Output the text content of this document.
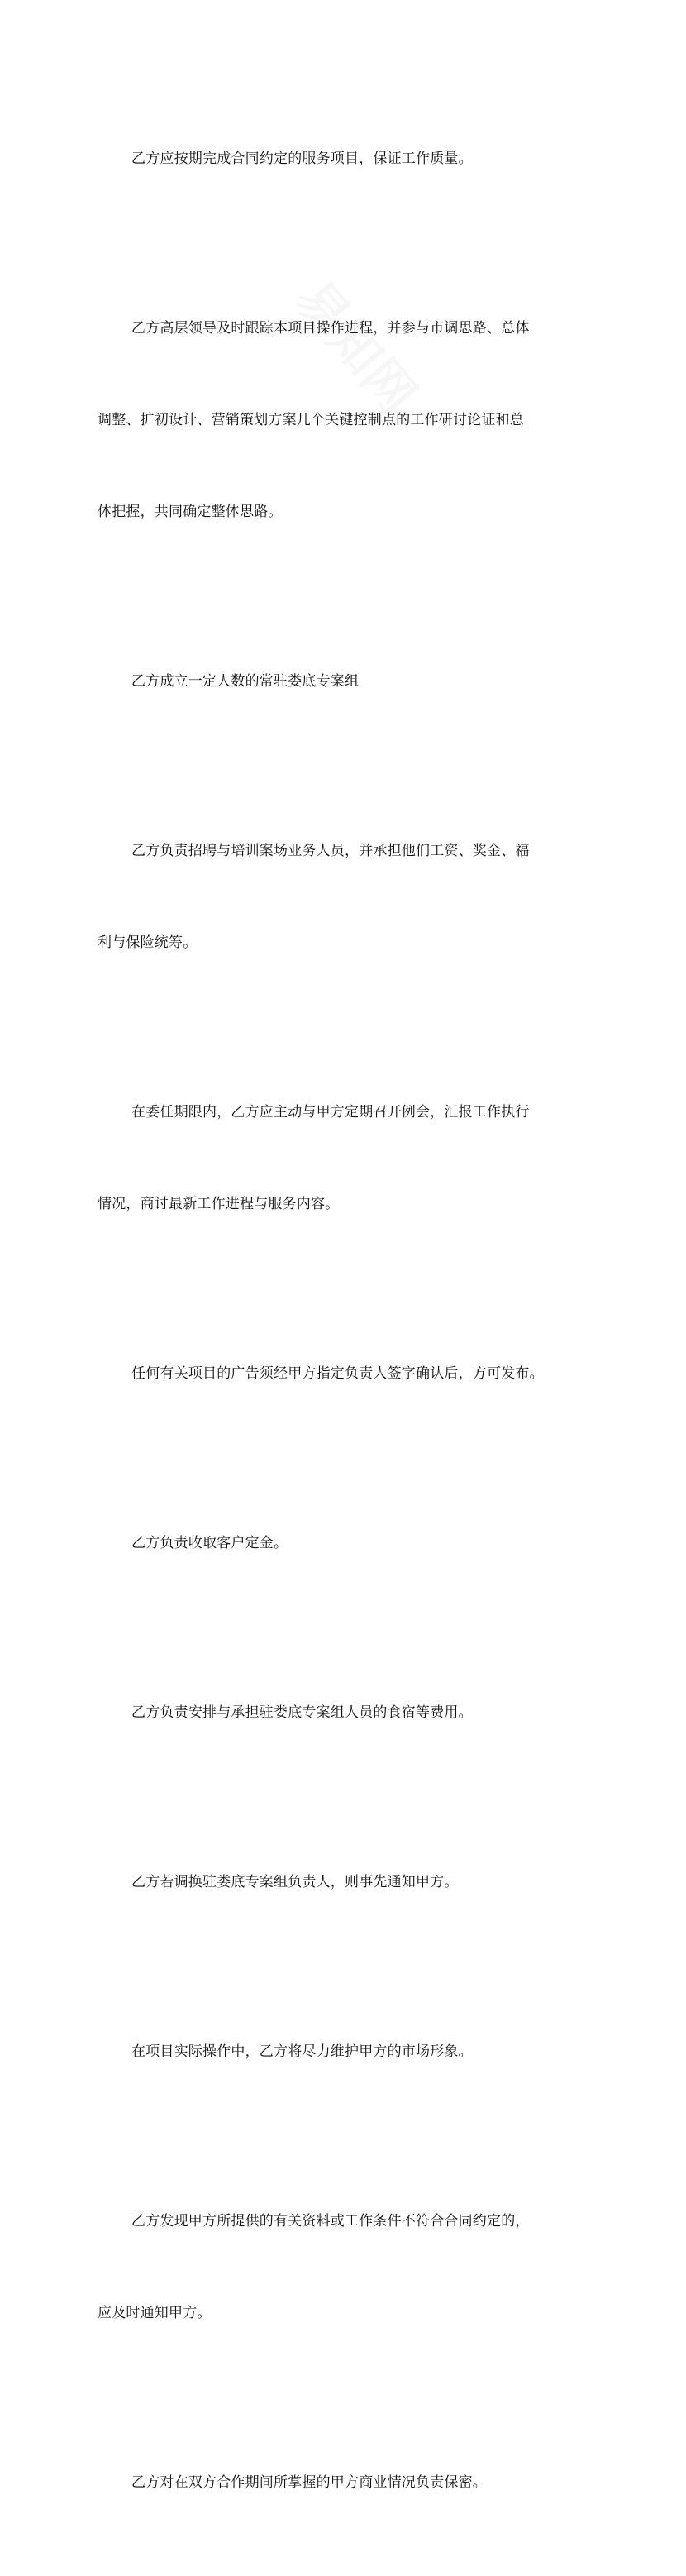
乙方应按期完成合同约定的服务项目，保证工作质量。

乙方高层领导及时跟踪本项目操作进程，并参与市调思路、总体

调整、扩初设计、营销策划方案几个关键控制点的工作研讨论证和总

体把握，共同确定整体思路。

乙方成立一定人数的常驻娄底专案组

乙方负责招聘与培训案场业务人员，并承担他们工资、奖金、福

利与保险统筹。

在委任期限内，乙方应主动与甲方定期召开例会，汇报工作执行

情况，商讨最新工作进程与服务内容。

任何有关项目的广告须经甲方指定负责人签字确认后，方可发布。

乙方负责收取客户定金。

乙方负责安排与承担驻娄底专案组人员的食宿等费用。

乙方若调换驻娄底专案组负责人，则事先通知甲方。

在项目实际操作中，乙方将尽力维护甲方的市场形象。

乙方发现甲方所提供的有关资料或工作条件不符合合同约定的，

应及时通知甲方。

乙方对在双方合作期间所掌握的甲方商业情况负责保密。
